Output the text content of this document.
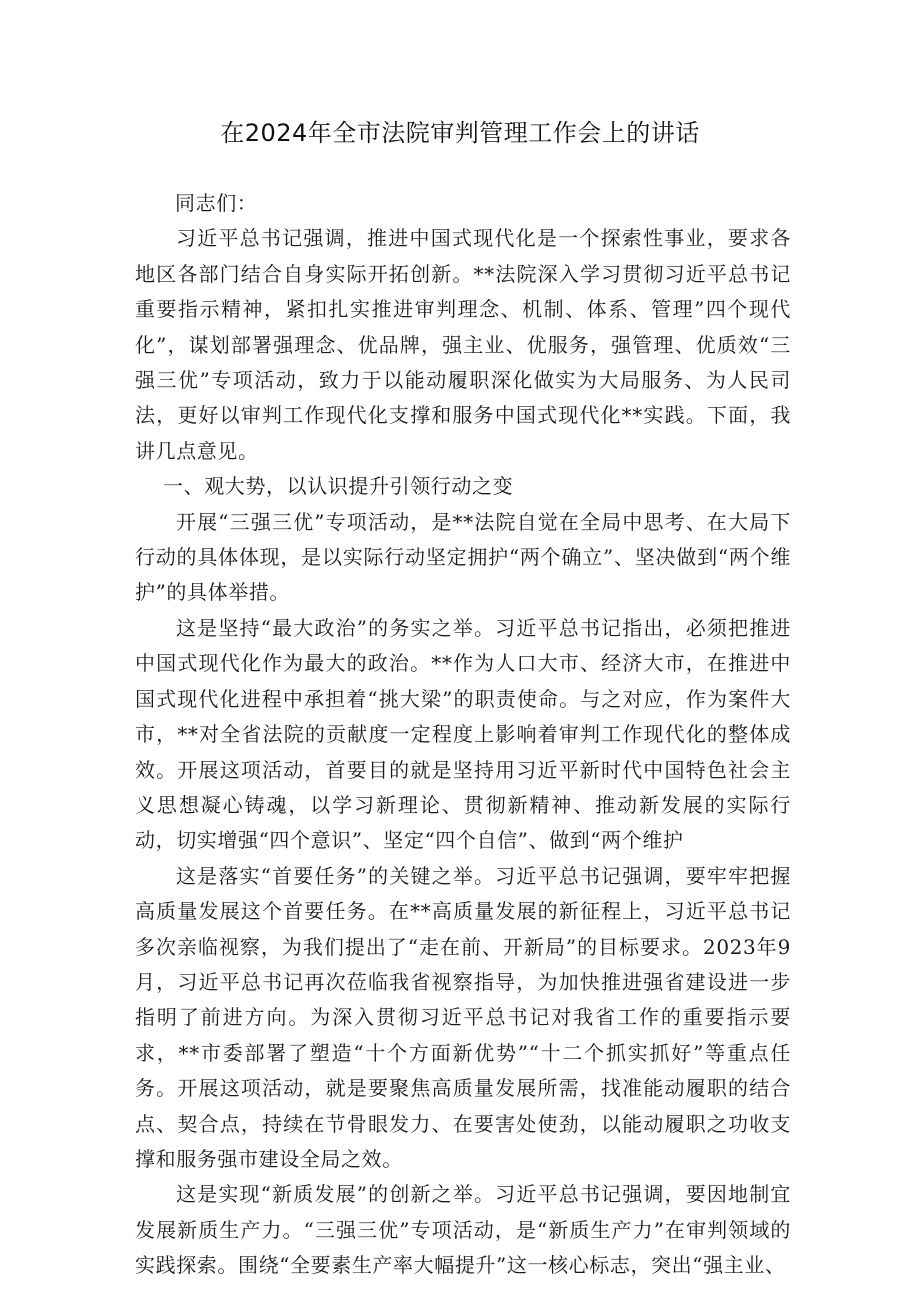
在2024年全市法院审判管理工作会上的讲话

同志们：

习近平总书记强调，推进中国式现代化是一个探索性事业，要求各地区各部门结合自身实际开拓创新。**法院深入学习贯彻习近平总书记重要指示精神，紧扣扎实推进审判理念、机制、体系、管理”四个现代化”，谋划部署强理念、优品牌，强主业、优服务，强管理、优质效“三强三优”专项活动，致力于以能动履职深化做实为大局服务、为人民司法，更好以审判工作现代化支撑和服务中国式现代化**实践。下面，我讲几点意见。

一、观大势，以认识提升引领行动之变

开展“三强三优”专项活动，是**法院自觉在全局中思考、在大局下行动的具体体现，是以实际行动坚定拥护“两个确立”、坚决做到“两个维护”的具体举措。

这是坚持“最大政治”的务实之举。习近平总书记指出，必须把推进中国式现代化作为最大的政治。**作为人口大市、经济大市，在推进中国式现代化进程中承担着“挑大梁”的职责使命。与之对应，作为案件大市，**对全省法院的贡献度一定程度上影响着审判工作现代化的整体成效。开展这项活动，首要目的就是坚持用习近平新时代中国特色社会主义思想凝心铸魂，以学习新理论、贯彻新精神、推动新发展的实际行动，切实增强“四个意识”、坚定“四个自信”、做到“两个维护

这是落实“首要任务”的关键之举。习近平总书记强调，要牢牢把握高质量发展这个首要任务。在**高质量发展的新征程上，习近平总书记多次亲临视察，为我们提出了“走在前、开新局”的目标要求。2023年9月，习近平总书记再次莅临我省视察指导，为加快推进强省建设进一步指明了前进方向。为深入贯彻习近平总书记对我省工作的重要指示要求，**市委部署了塑造“十个方面新优势”“十二个抓实抓好”等重点任务。开展这项活动，就是要聚焦高质量发展所需，找准能动履职的结合点、契合点，持续在节骨眼发力、在要害处使劲，以能动履职之功收支撑和服务强市建设全局之效。

这是实现“新质发展”的创新之举。习近平总书记强调，要因地制宜发展新质生产力。“三强三优”专项活动，是“新质生产力”在审判领域的实践探索。围绕“全要素生产率大幅提升”这一核心标志，突出“强主业、
